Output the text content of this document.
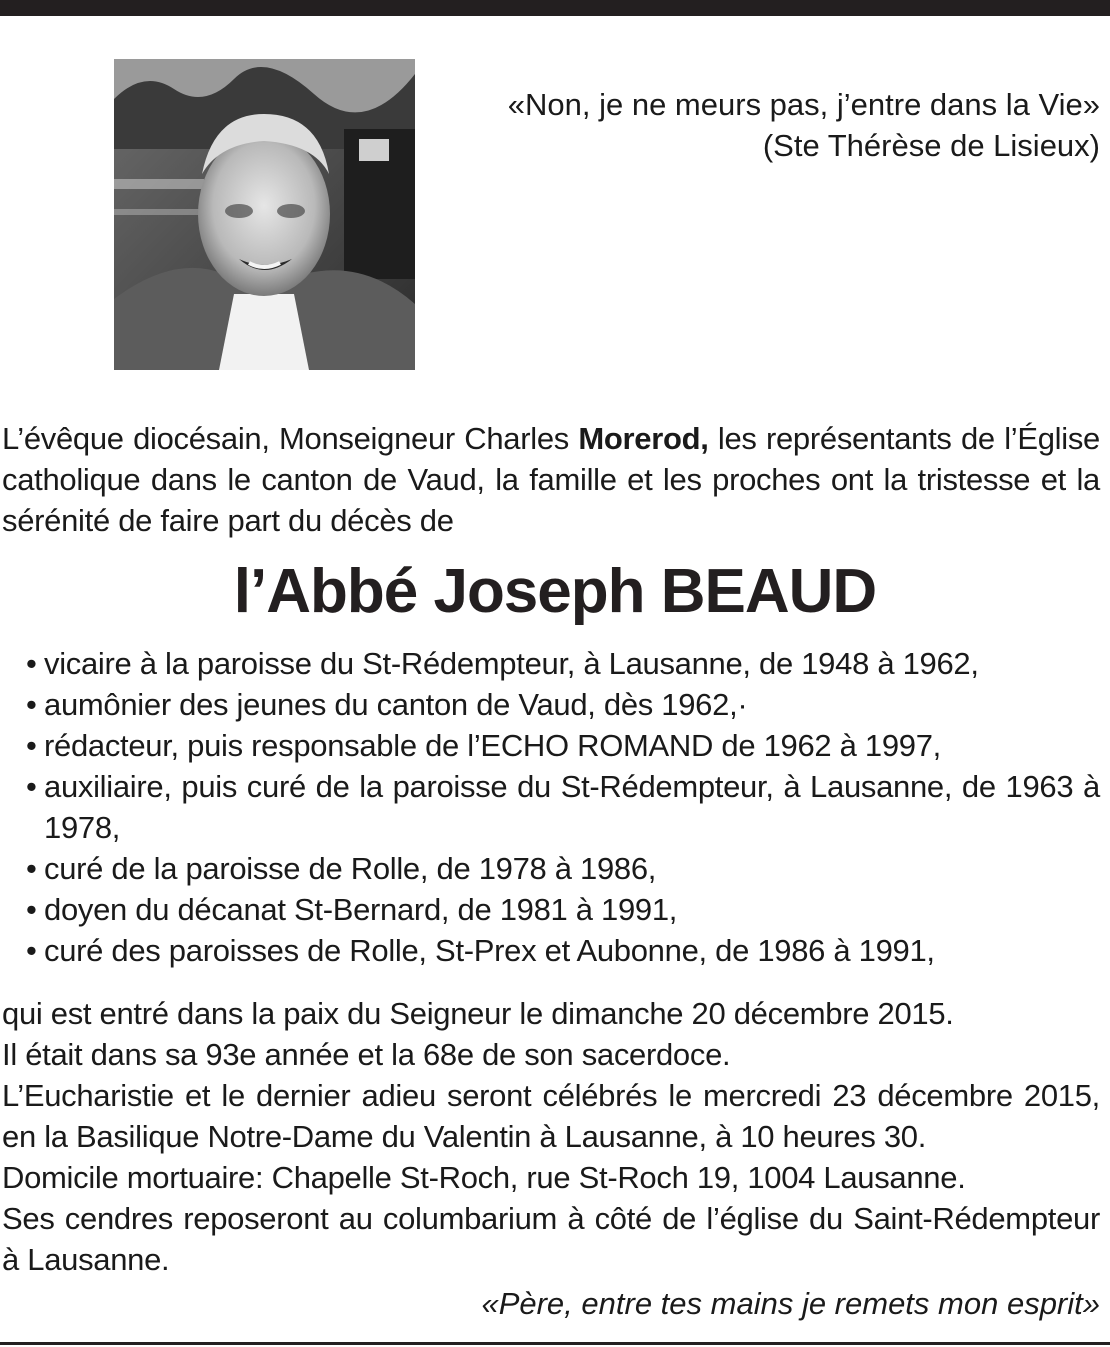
«Non, je ne meurs pas, j’entre dans la Vie»
(Ste Thérèse de Lisieux)
L’évêque diocésain, Monseigneur Charles Morerod, les représentants de l’Église catholique dans le canton de Vaud, la famille et les proches ont la tristesse et la sérénité de faire part du décès de
l’Abbé Joseph BEAUD
• vicaire à la paroisse du St-Rédempteur, à Lausanne, de 1948 à 1962,
• aumônier des jeunes du canton de Vaud, dès 1962,·
• rédacteur, puis responsable de l’ECHO ROMAND de 1962 à 1997,
• auxiliaire, puis curé de la paroisse du St-Rédempteur, à Lausanne, de 1963 à 1978,
• curé de la paroisse de Rolle, de 1978 à 1986,
• doyen du décanat St-Bernard, de 1981 à 1991,
• curé des paroisses de Rolle, St-Prex et Aubonne, de 1986 à 1991,

qui est entré dans la paix du Seigneur le dimanche 20 décembre 2015.

Il était dans sa 93e année et la 68e de son sacerdoce.

L’Eucharistie et le dernier adieu seront célébrés le mercredi 23 décembre 2015, en la Basilique Notre-Dame du Valentin à Lausanne, à 10 heures 30.

Domicile mortuaire: Chapelle St-Roch, rue St-Roch 19, 1004 Lausanne.

Ses cendres reposeront au columbarium à côté de l’église du Saint-Rédempteur à Lausanne.

«Père, entre tes mains je remets mon esprit»
